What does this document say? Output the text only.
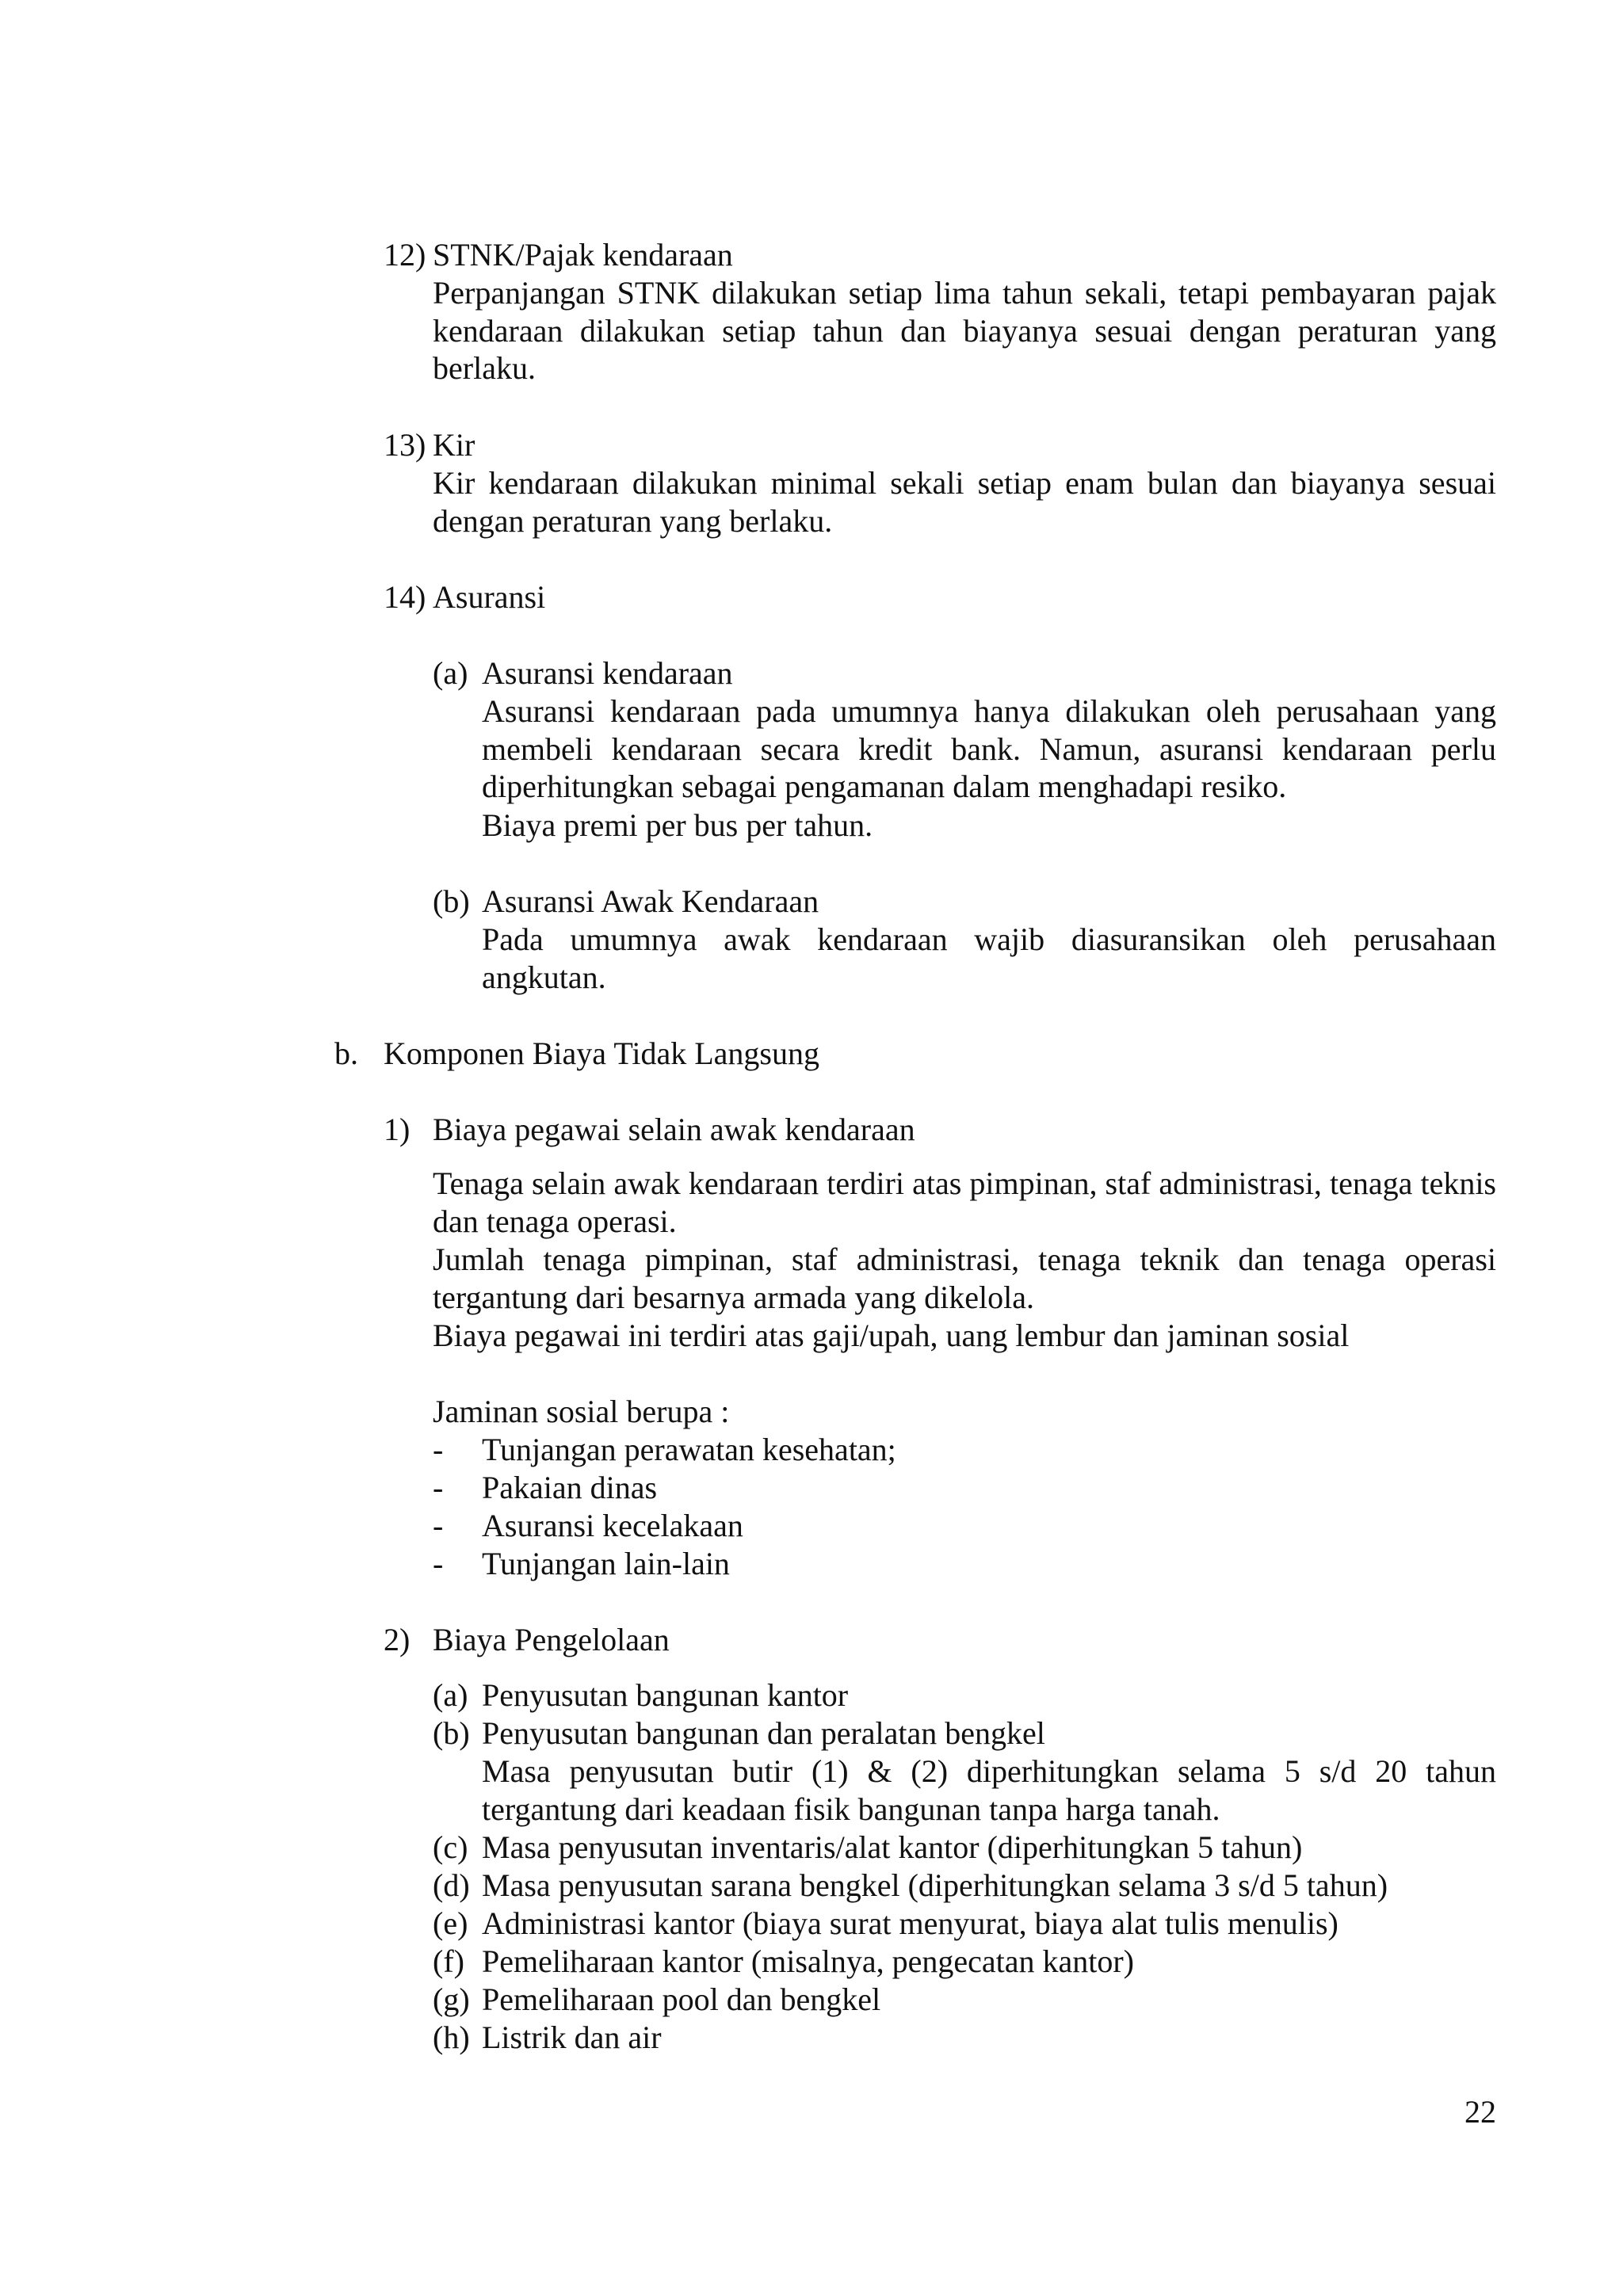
12) STNK/Pajak kendaraan

Perpanjangan STNK dilakukan setiap lima tahun sekali, tetapi pembayaran pajak kendaraan dilakukan setiap tahun dan biayanya sesuai dengan peraturan yang berlaku.

13) Kir

Kir kendaraan dilakukan minimal sekali setiap enam bulan dan biayanya sesuai dengan peraturan yang berlaku.

14) Asuransi
(a) Asuransi kendaraan

Asuransi kendaraan pada umumnya hanya dilakukan oleh perusahaan yang membeli kendaraan secara kredit bank. Namun, asuransi kendaraan perlu diperhitungkan sebagai pengamanan dalam menghadapi resiko.

Biaya premi per bus per tahun.
(b) Asuransi Awak Kendaraan

Pada umumnya awak kendaraan wajib diasuransikan oleh perusahaan angkutan.

b. Komponen Biaya Tidak Langsung
1) Biaya pegawai selain awak kendaraan

Tenaga selain awak kendaraan terdiri atas pimpinan, staf administrasi, tenaga teknis dan tenaga operasi.

Jumlah tenaga pimpinan, staf administrasi, tenaga teknik dan tenaga operasi tergantung dari besarnya armada yang dikelola.

Biaya pegawai ini terdiri atas gaji/upah, uang lembur dan jaminan sosial
Jaminan sosial berupa :
- Tunjangan perawatan kesehatan;
- Pakaian dinas
- Asuransi kecelakaan
- Tunjangan lain-lain
2) Biaya Pengelolaan
(a) Penyusutan bangunan kantor
(b) Penyusutan bangunan dan peralatan bengkel

Masa penyusutan butir (1) & (2) diperhitungkan selama 5 s/d 20 tahun tergantung dari keadaan fisik bangunan tanpa harga tanah.

(c) Masa penyusutan inventaris/alat kantor (diperhitungkan 5 tahun)
(d) Masa penyusutan sarana bengkel (diperhitungkan selama 3 s/d 5 tahun)
(e) Administrasi kantor (biaya surat menyurat, biaya alat tulis menulis)
(f) Pemeliharaan kantor (misalnya, pengecatan kantor)
(g) Pemeliharaan pool dan bengkel
(h) Listrik dan air
22
